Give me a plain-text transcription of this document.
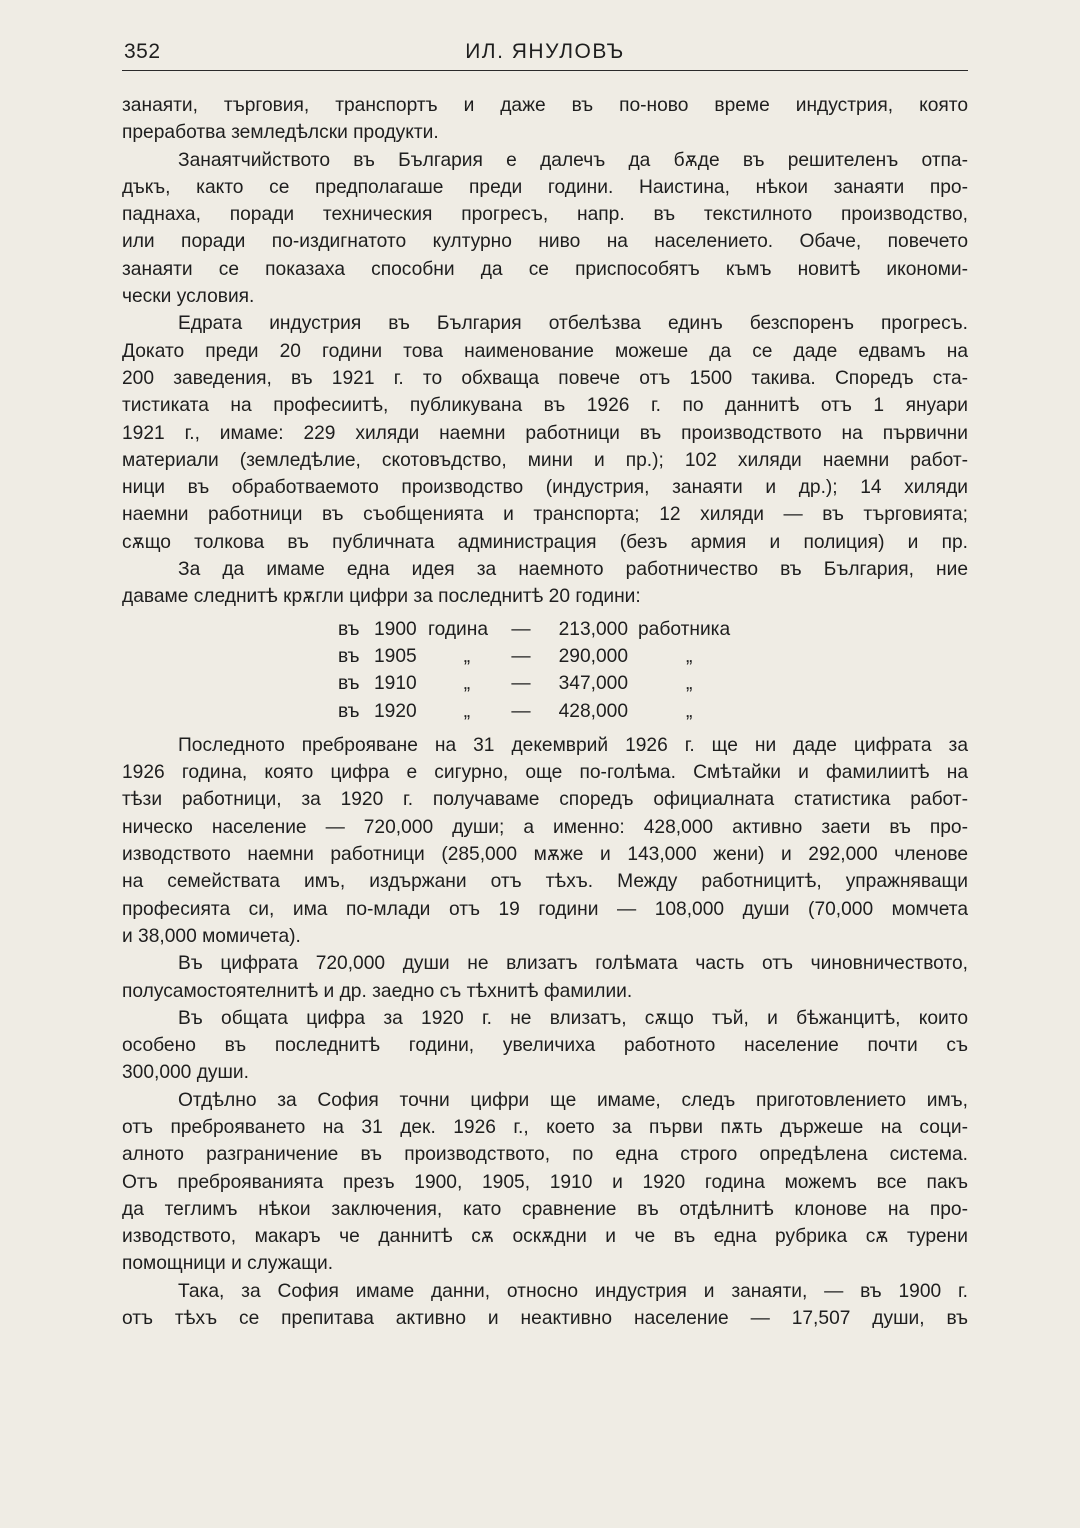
352	ИЛ. ЯНУЛОВЪ

занаяти, търговия, транспортъ и даже въ по-ново време индустрия, която

преработва земледѣлски продукти.

Занаятчийството въ България е далечъ да бѫде въ решителенъ отпа-

дъкъ, както се предполагаше преди години. Наистина, нѣкои занаяти про-

паднаха, поради техническия прогресъ, напр. въ текстилното производство,

или поради по-издигнатото културно ниво на населението. Обаче, повечето

занаяти се показаха способни да се приспособятъ къмъ новитѣ икономи-

чески условия.

Едрата индустрия въ България отбелѣзва единъ безспоренъ прогресъ.

Докато преди 20 години това наименование можеше да се даде едвамъ на

200 заведения, въ 1921 г. то обхваща повече отъ 1500 такива. Споредъ ста-

тистиката на професиитѣ, публикувана въ 1926 г. по даннитѣ отъ 1 януари

1921 г., имаме: 229 хиляди наемни работници въ производството на първични

материали (земледѣлие, скотовъдство, мини и пр.); 102 хиляди наемни работ-

ници въ обработваемото производство (индустрия, занаяти и др.); 14 хиляди

наемни работници въ съобщенията и транспорта; 12 хиляди — въ търговията;

сѫщо толкова въ публичната администрация (безъ армия и полиция) и пр.

За да имаме една идея за наемното работничество въ България, ние

даваме следнитѣ крѫгли цифри за последнитѣ 20 години:

въ	1900	година	—	213,000	работника
въ	1905	„	—	290,000	„
въ	1910	„	—	347,000	„
въ	1920	„	—	428,000	„

Последното преброяване на 31 декемврий 1926 г. ще ни даде цифрата за

1926 година, която цифра е сигурно, още по-голѣма. Смѣтайки и фамилиитѣ на

тѣзи работници, за 1920 г. получаваме споредъ официалната статистика работ-

ническо население — 720,000 души; а именно: 428,000 активно заети въ про-

изводството наемни работници (285,000 мѫже и 143,000 жени) и 292,000 членове

на семействата имъ, издържани отъ тѣхъ. Между работницитѣ, упражняващи

професията си, има по-млади отъ 19 години — 108,000 души (70,000 момчета

и 38,000 момичета).

Въ цифрата 720,000 души не влизатъ голѣмата часть отъ чиновничеството,

полусамостоятелнитѣ и др. заедно съ тѣхнитѣ фамилии.

Въ общата цифра за 1920 г. не влизатъ, сѫщо тъй, и бѣжанцитѣ, които

особено въ последнитѣ години, увеличиха работното население почти съ

300,000 души.

Отдѣлно за София точни цифри ще имаме, следъ приготовлението имъ,

отъ преброяването на 31 дек. 1926 г., което за първи пѫть държеше на соци-

алното разграничение въ производството, по една строго опредѣлена система.

Отъ преброяванията презъ 1900, 1905, 1910 и 1920 година можемъ все пакъ

да теглимъ нѣкои заключения, като сравнение въ отдѣлнитѣ клонове на про-

изводството, макаръ че даннитѣ сѫ оскѫдни и че въ една рубрика сѫ турени

помощници и служащи.

Така, за София имаме данни, относно индустрия и занаяти, — въ 1900 г.

отъ тѣхъ се препитава активно и неактивно население — 17,507 души, въ
